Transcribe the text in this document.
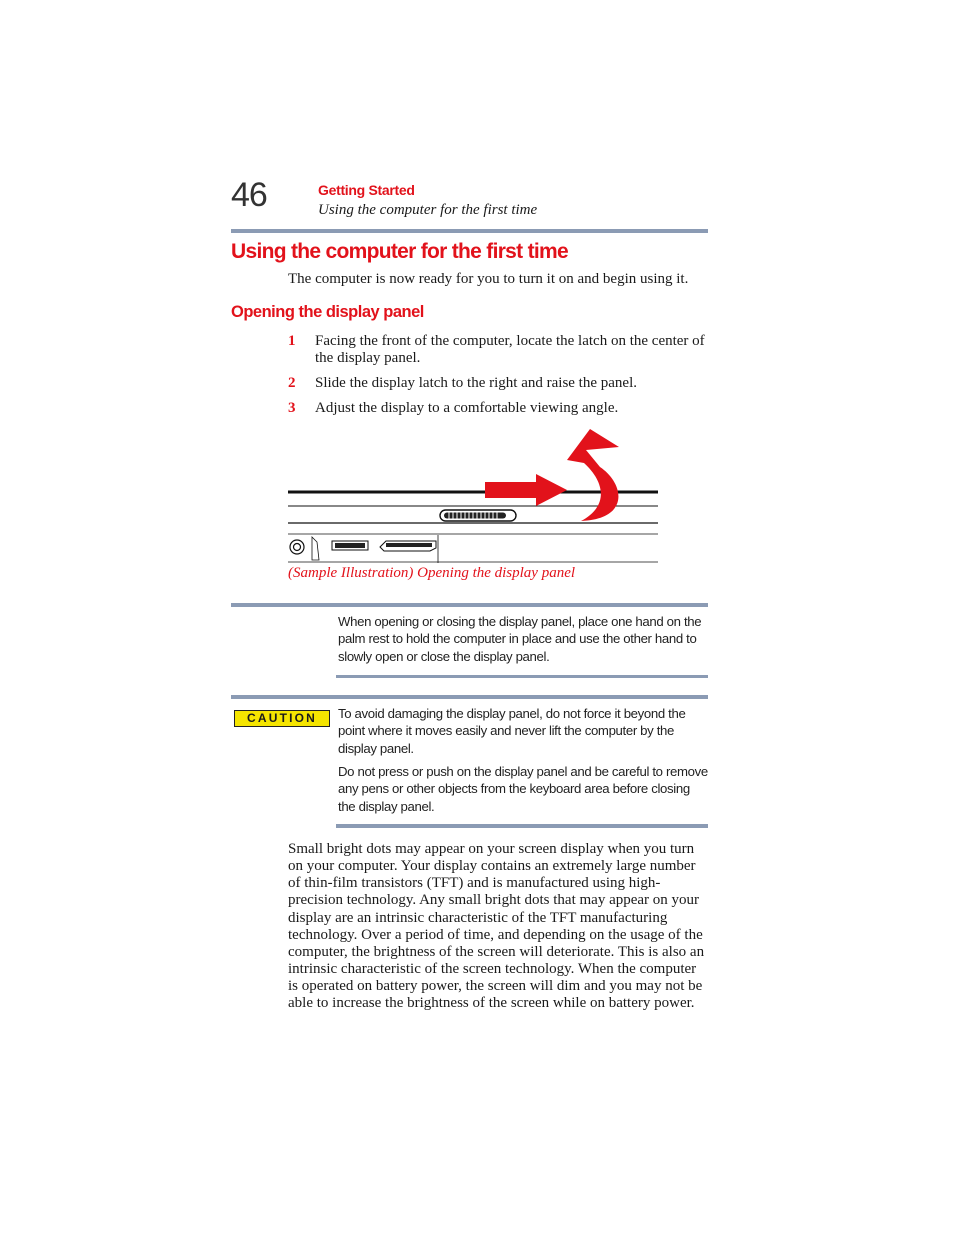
46	Getting Started
Using the computer for the first time
Using the computer for the first time
The computer is now ready for you to turn it on and begin using it.
Opening the display panel
1 Facing the front of the computer, locate the latch on the center of the display panel.
2 Slide the display latch to the right and raise the panel.
3 Adjust the display to a comfortable viewing angle.
(Sample Illustration) Opening the display panel
When opening or closing the display panel, place one hand on the palm rest to hold the computer in place and use the other hand to slowly open or close the display panel.
CAUTION	To avoid damaging the display panel, do not force it beyond the point where it moves easily and never lift the computer by the display panel.
Do not press or push on the display panel and be careful to remove any pens or other objects from the keyboard area before closing the display panel.
Small bright dots may appear on your screen display when you turn on your computer. Your display contains an extremely large number of thin-film transistors (TFT) and is manufactured using high-precision technology. Any small bright dots that may appear on your display are an intrinsic characteristic of the TFT manufacturing technology. Over a period of time, and depending on the usage of the computer, the brightness of the screen will deteriorate. This is also an intrinsic characteristic of the screen technology. When the computer is operated on battery power, the screen will dim and you may not be able to increase the brightness of the screen while on battery power.
